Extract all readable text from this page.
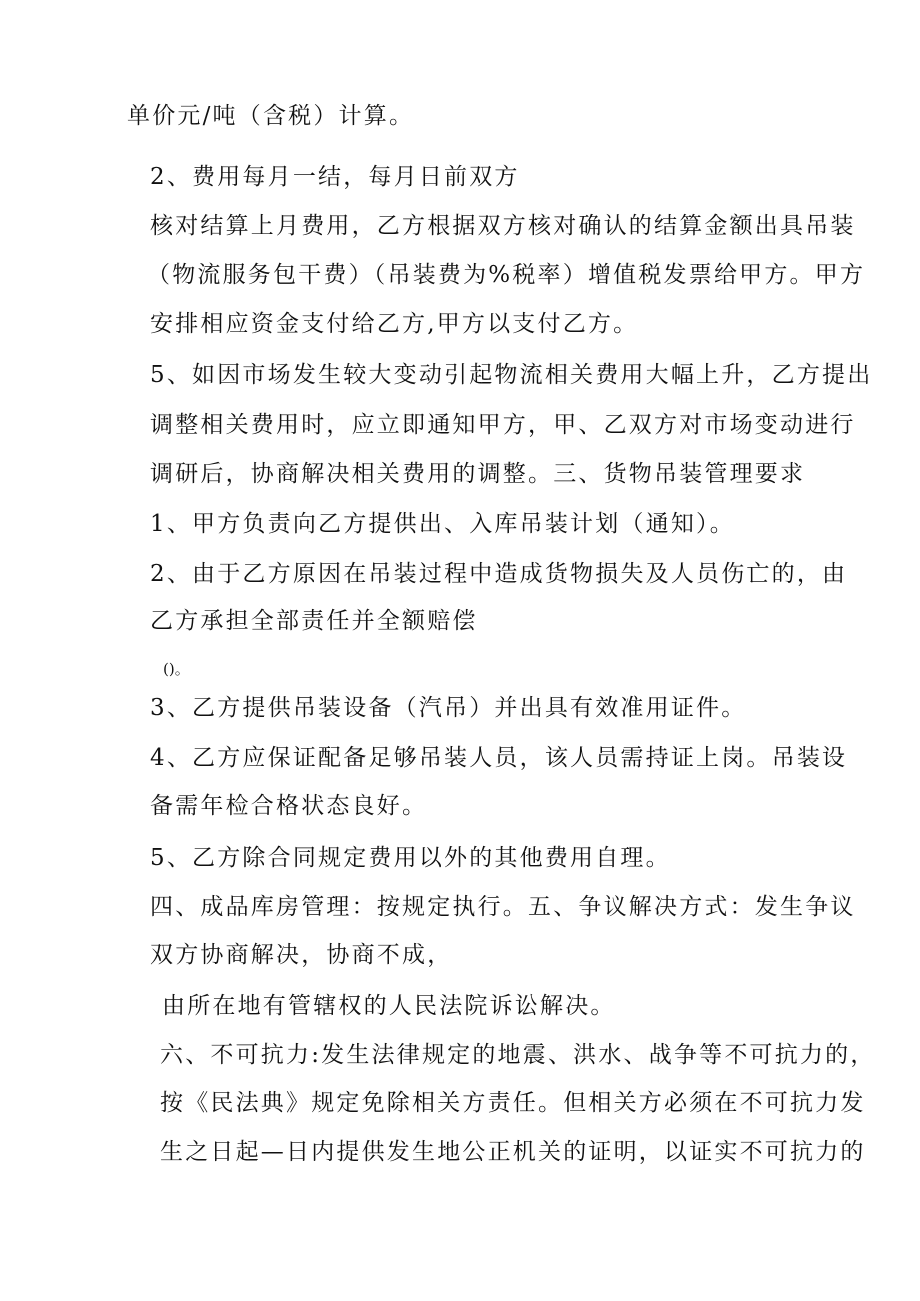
单价元/吨（含税）计算。
2、费用每月一结，每月日前双方
核对结算上月费用，乙方根据双方核对确认的结算金额出具吊装
（物流服务包干费）（吊装费为%税率）增值税发票给甲方。甲方
安排相应资金支付给乙方,甲方以支付乙方。
5、如因市场发生较大变动引起物流相关费用大幅上升，乙方提出
调整相关费用时，应立即通知甲方，甲、乙双方对市场变动进行
调研后，协商解决相关费用的调整。三、货物吊装管理要求
1、甲方负责向乙方提供出、入库吊装计划（通知）。
2、由于乙方原因在吊装过程中造成货物损失及人员伤亡的，由
乙方承担全部责任并全额赔偿
()。
3、乙方提供吊装设备（汽吊）并出具有效准用证件。
4、乙方应保证配备足够吊装人员，该人员需持证上岗。吊装设
备需年检合格状态良好。
5、乙方除合同规定费用以外的其他费用自理。
四、成品库房管理：按规定执行。五、争议解决方式：发生争议
双方协商解决，协商不成，
由所在地有管辖权的人民法院诉讼解决。
六、不可抗力:发生法律规定的地震、洪水、战争等不可抗力的，
按《民法典》规定免除相关方责任。但相关方必须在不可抗力发
生之日起—日内提供发生地公正机关的证明，以证实不可抗力的
